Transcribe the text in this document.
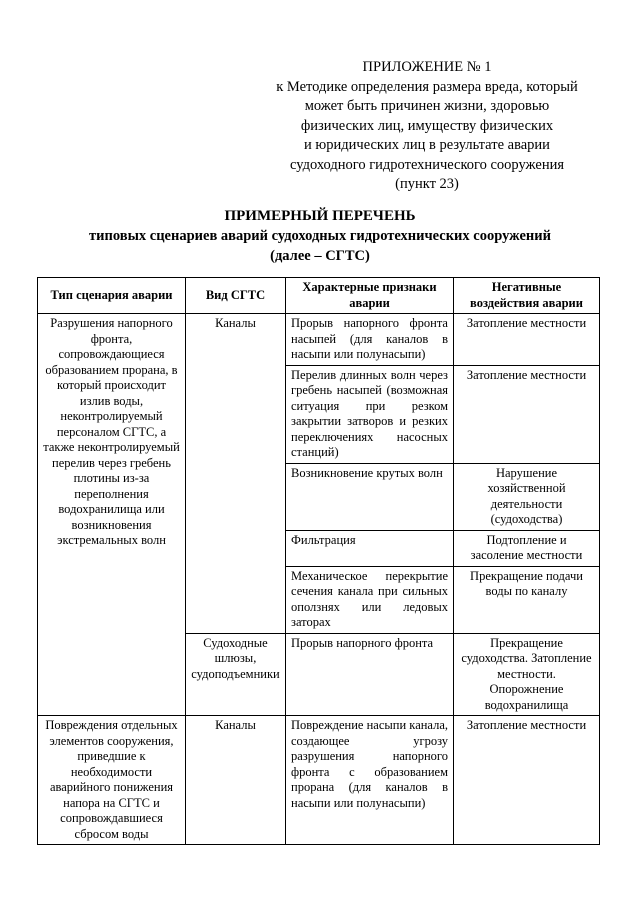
ПРИЛОЖЕНИЕ № 1
к Методике определения размера вреда, который
может быть причинен жизни, здоровью
физических лиц, имуществу физических
и юридических лиц в результате аварии
судоходного гидротехнического сооружения
(пункт 23)
ПРИМЕРНЫЙ ПЕРЕЧЕНЬ
типовых сценариев аварий судоходных гидротехнических сооружений
(далее – СГТС)
Тип сценария аварии	Вид СГТС	Характерные признаки аварии	Негативные воздействия аварии
Разрушения напорного фронта, сопровождающиеся образованием прорана, в который происходит излив воды, неконтролируемый персоналом СГТС, а также неконтролируемый перелив через гребень плотины из-за переполнения водохранилища или возникновения экстремальных волн	Каналы	Прорыв напорного фронта насыпей (для каналов в насыпи или полунасыпи)	Затопление местности
		Перелив длинных волн через гребень насыпей (возможная ситуация при резком закрытии затворов и резких переключениях насосных станций)	Затопление местности
		Возникновение крутых волн	Нарушение хозяйственной деятельности (судоходства)
		Фильтрация	Подтопление и засоление местности
		Механическое перекрытие сечения канала при сильных оползнях или ледовых заторах	Прекращение подачи воды по каналу
	Судоходные шлюзы, судоподъемники	Прорыв напорного фронта	Прекращение судоходства. Затопление местности. Опорожнение водохранилища
Повреждения отдельных элементов сооружения, приведшие к необходимости аварийного понижения напора на СГТС и сопровождавшиеся сбросом воды	Каналы	Повреждение насыпи канала, создающее угрозу разрушения напорного фронта с образованием прорана (для каналов в насыпи или полунасыпи)	Затопление местности
